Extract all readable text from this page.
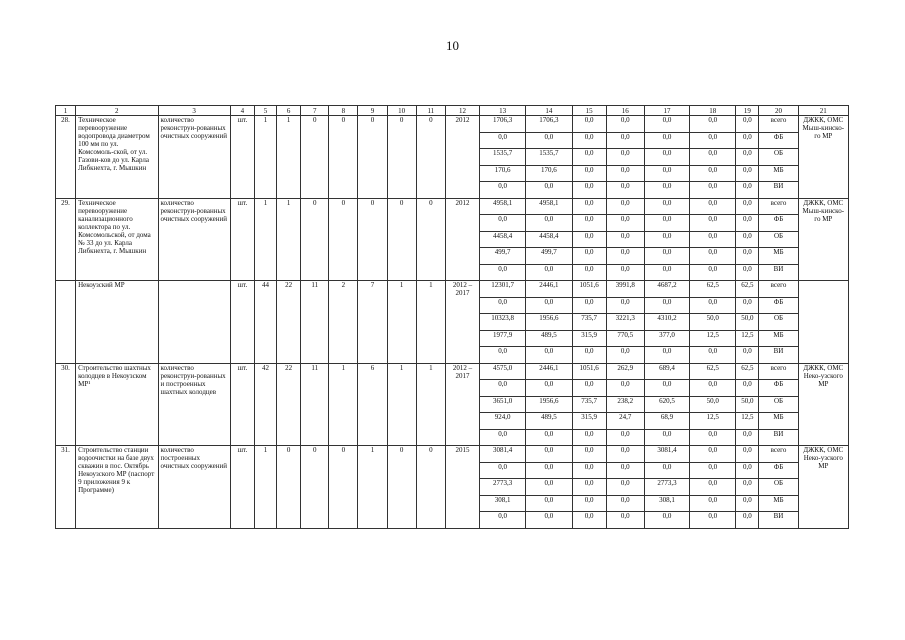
10
1	2	3	4	5	6	7	8	9	10	11	12	13	14	15	16	17	18	19	20	21
28.	Техническое перевооружение водопровода диаметром 100 мм по ул. Комсомоль-ской, от ул. Газови-ков до ул. Карла Либкнехта, г. Мышкин	количество реконструи-рованных очистных сооружений	шт.	1	1	0	0	0	0	0	2012	1706,3	1706,3	0,0	0,0	0,0	0,0	0,0	всего	ДЖКК, ОМС Мыш-кинско-го МР
												0,0	0,0	0,0	0,0	0,0	0,0	0,0	ФБ	
												1535,7	1535,7	0,0	0,0	0,0	0,0	0,0	ОБ	
												170,6	170,6	0,0	0,0	0,0	0,0	0,0	МБ	
												0,0	0,0	0,0	0,0	0,0	0,0	0,0	ВИ	
29.	Техническое перевооружение канализационного коллектора по ул. Комсомольской, от дома № 33 до ул. Карла Либкнехта, г. Мышкин	количество реконструи-рованных очистных сооружений	шт.	1	1	0	0	0	0	0	2012	4958,1	4958,1	0,0	0,0	0,0	0,0	0,0	всего	ДЖКК, ОМС Мыш-кинско-го МР
												0,0	0,0	0,0	0,0	0,0	0,0	0,0	ФБ	
												4458,4	4458,4	0,0	0,0	0,0	0,0	0,0	ОБ	
												499,7	499,7	0,0	0,0	0,0	0,0	0,0	МБ	
												0,0	0,0	0,0	0,0	0,0	0,0	0,0	ВИ	
	Некоузский МР		шт.	44	22	11	2	7	1	1	2012 – 2017	12301,7	2446,1	1051,6	3991,8	4687,2	62,5	62,5	всего	
												0,0	0,0	0,0	0,0	0,0	0,0	0,0	ФБ	
												10323,8	1956,6	735,7	3221,3	4310,2	50,0	50,0	ОБ	
												1977,9	489,5	315,9	770,5	377,0	12,5	12,5	МБ	
												0,0	0,0	0,0	0,0	0,0	0,0	0,0	ВИ	
30.	Строительство шахтных колодцев в Некоузском МР¹	количество реконструи-рованных и построенных шахтных колодцев	шт.	42	22	11	1	6	1	1	2012 – 2017	4575,0	2446,1	1051,6	262,9	689,4	62,5	62,5	всего	ДЖКК, ОМС Неко-узского МР
												0,0	0,0	0,0	0,0	0,0	0,0	0,0	ФБ	
												3651,0	1956,6	735,7	238,2	620,5	50,0	50,0	ОБ	
												924,0	489,5	315,9	24,7	68,9	12,5	12,5	МБ	
												0,0	0,0	0,0	0,0	0,0	0,0	0,0	ВИ	
31.	Строительство станции водоочистки на базе двух скважин в пос. Октябрь Некоузского МР (паспорт 9 приложения 9 к Программе)	количество построенных очистных сооружений	шт.	1	0	0	0	1	0	0	2015	3081,4	0,0	0,0	0,0	3081,4	0,0	0,0	всего	ДЖКК, ОМС Неко-узского МР
												0,0	0,0	0,0	0,0	0,0	0,0	0,0	ФБ	
												2773,3	0,0	0,0	0,0	2773,3	0,0	0,0	ОБ	
												308,1	0,0	0,0	0,0	308,1	0,0	0,0	МБ	
												0,0	0,0	0,0	0,0	0,0	0,0	0,0	ВИ	
